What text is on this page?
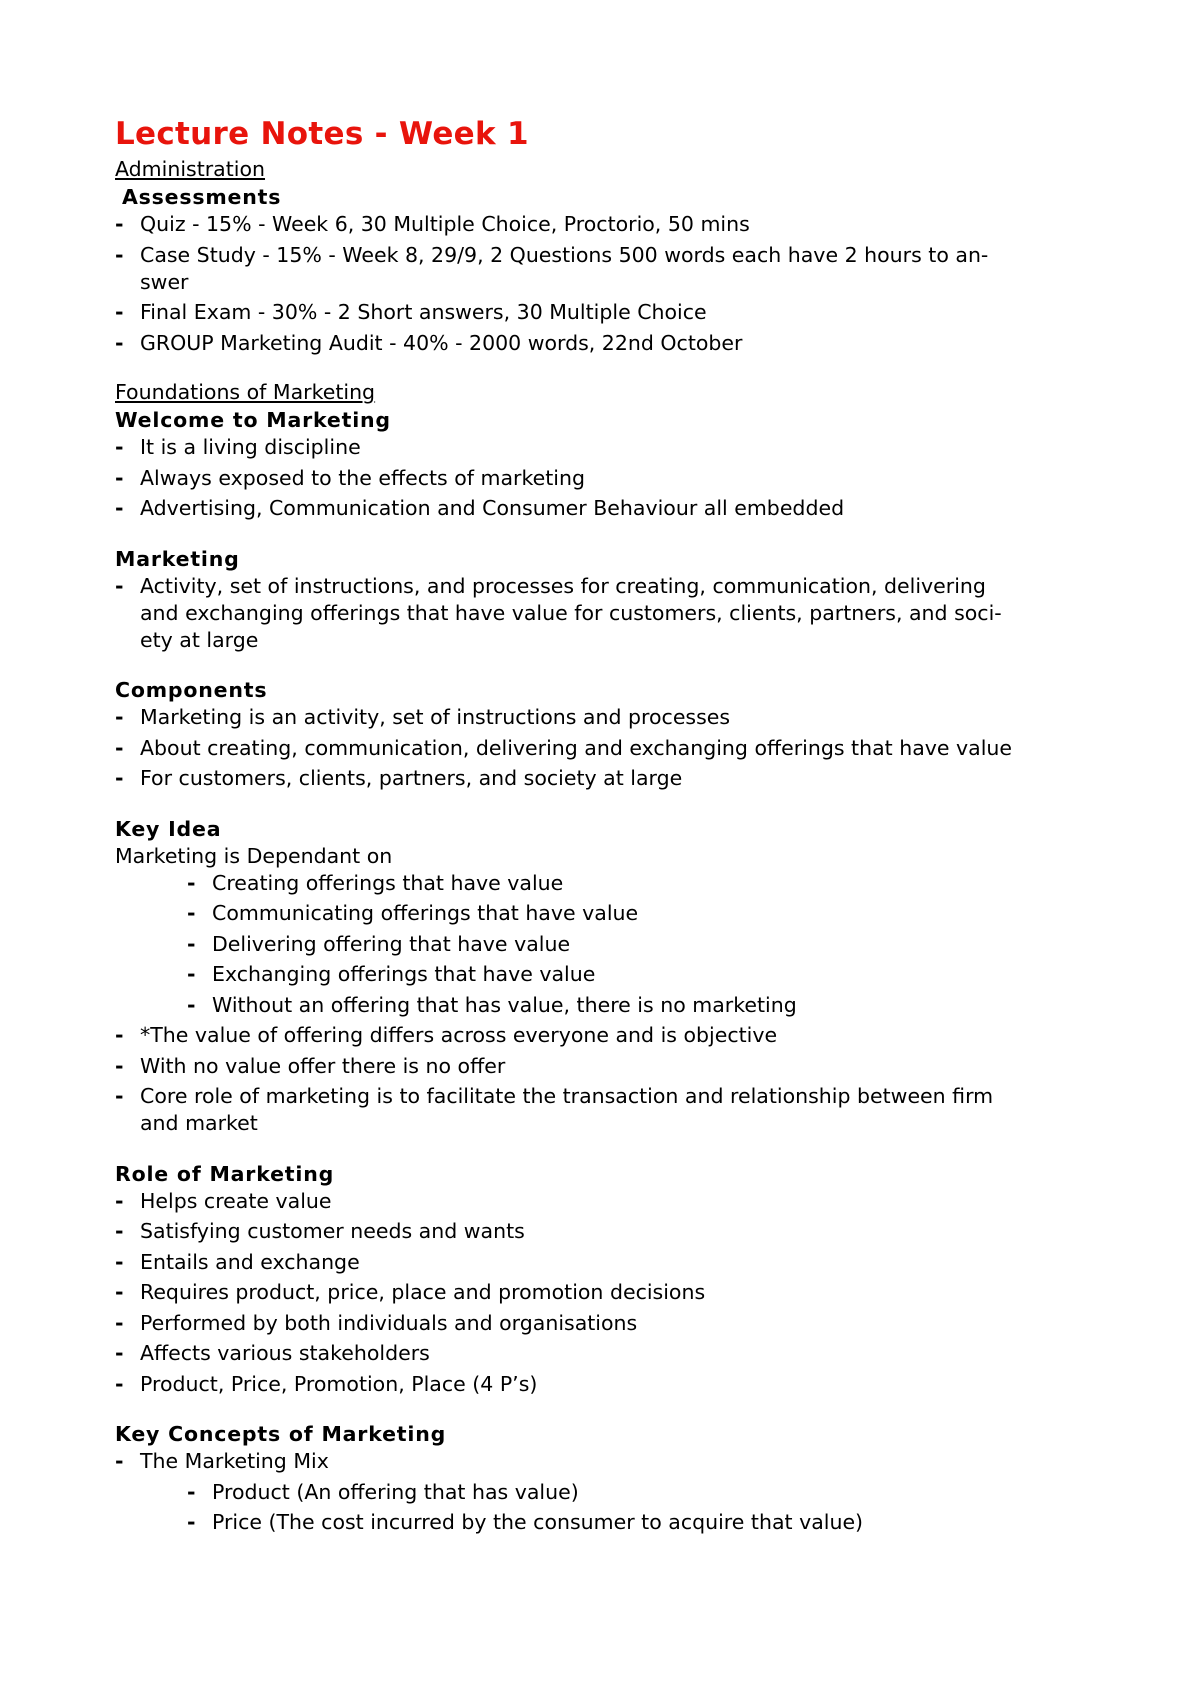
Lecture Notes - Week 1
Administration
Assessments
- Quiz - 15% - Week 6, 30 Multiple Choice, Proctorio, 50 mins
- Case Study - 15% - Week 8, 29/9, 2 Questions 500 words each have 2 hours to an-
swer
- Final Exam - 30% - 2 Short answers, 30 Multiple Choice
- GROUP Marketing Audit - 40% - 2000 words, 22nd October
Foundations of Marketing
Welcome to Marketing
- It is a living discipline
- Always exposed to the effects of marketing
- Advertising, Communication and Consumer Behaviour all embedded
Marketing
- Activity, set of instructions, and processes for creating, communication, delivering
and exchanging offerings that have value for customers, clients, partners, and soci-
ety at large
Components
- Marketing is an activity, set of instructions and processes
- About creating, communication, delivering and exchanging offerings that have value
- For customers, clients, partners, and society at large
Key Idea
Marketing is Dependant on
- Creating offerings that have value
- Communicating offerings that have value
- Delivering offering that have value
- Exchanging offerings that have value
- Without an offering that has value, there is no marketing
- *The value of offering differs across everyone and is objective
- With no value offer there is no offer
- Core role of marketing is to facilitate the transaction and relationship between firm
and market
Role of Marketing
- Helps create value
- Satisfying customer needs and wants
- Entails and exchange
- Requires product, price, place and promotion decisions
- Performed by both individuals and organisations
- Affects various stakeholders
- Product, Price, Promotion, Place (4 P’s)
Key Concepts of Marketing
- The Marketing Mix
- Product (An offering that has value)
- Price (The cost incurred by the consumer to acquire that value)
